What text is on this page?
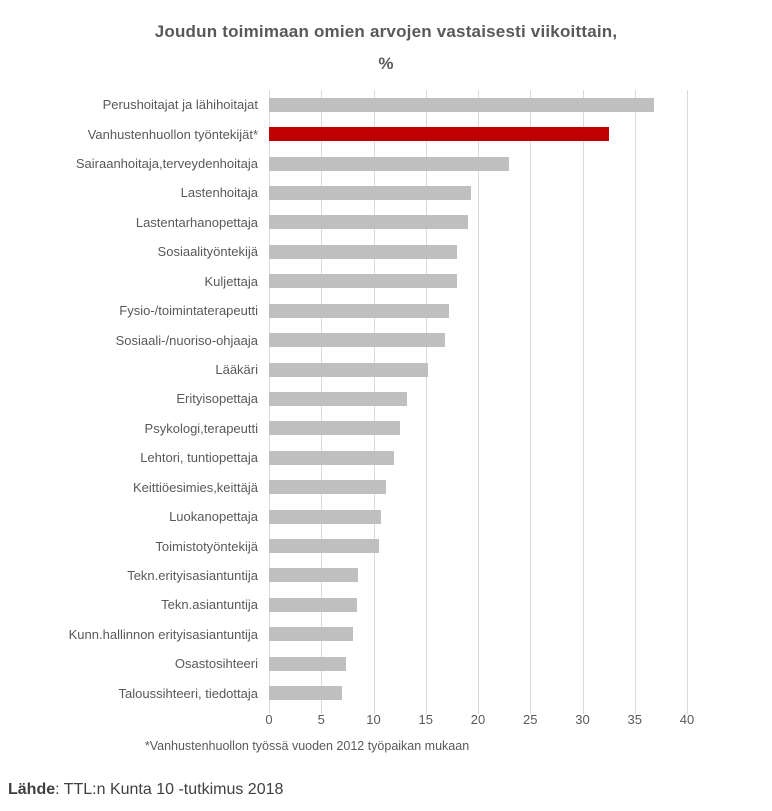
Joudun toimimaan omien arvojen vastaisesti viikoittain,
%
Perushoitajat ja lähihoitajat
Vanhustenhuollon työntekijät*
Sairaanhoitaja,terveydenhoitaja
Lastenhoitaja
Lastentarhanopettaja
Sosiaalityöntekijä
Kuljettaja
Fysio-/toimintaterapeutti
Sosiaali-/nuoriso-ohjaaja
Lääkäri
Erityisopettaja
Psykologi,terapeutti
Lehtori, tuntiopettaja
Keittiöesimies,keittäjä
Luokanopettaja
Toimistotyöntekijä
Tekn.erityisasiantuntija
Tekn.asiantuntija
Kunn.hallinnon erityisasiantuntija
Osastosihteeri
Taloussihteeri, tiedottaja
0	5	10	15	20	25	30	35	40
*Vanhustenhuollon työssä vuoden 2012 työpaikan mukaan
Lähde: TTL:n Kunta 10 -tutkimus 2018
